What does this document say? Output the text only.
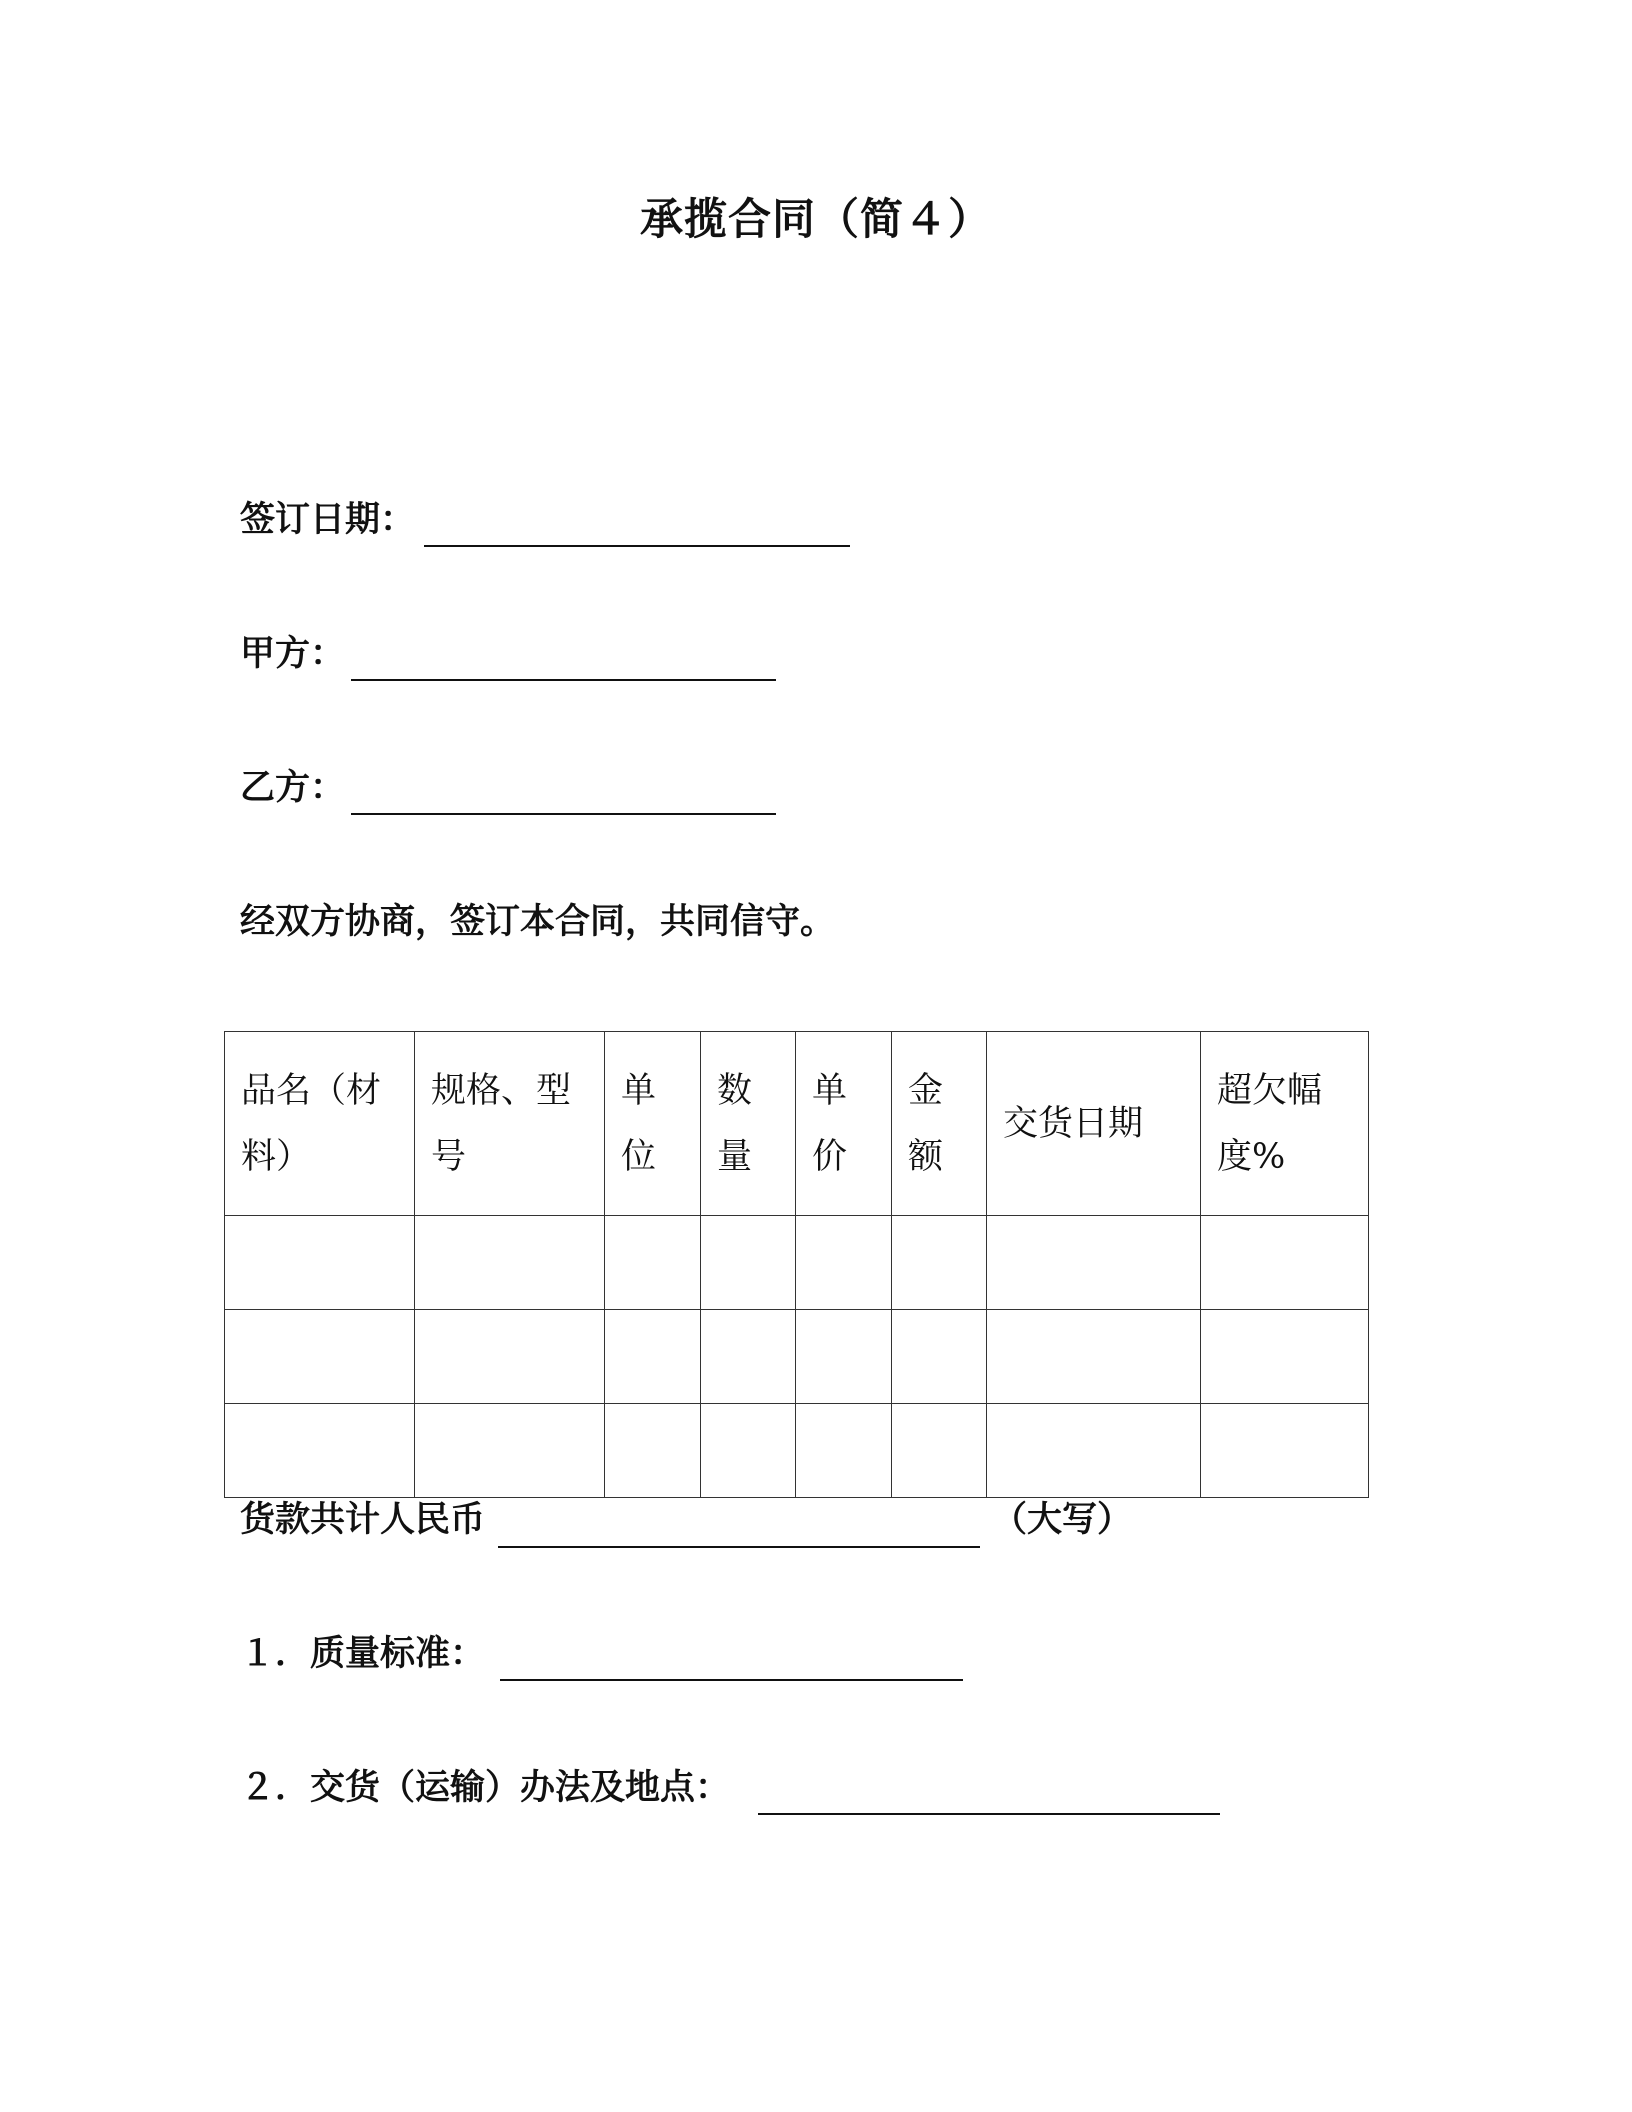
承揽合同（简４）
签订日期：
甲方：
乙方：
经双方协商，签订本合同，共同信守。
品名（材料）	规格、型号	单位	数量	单价	金额	交货日期	超欠幅度%

货款共计人民币	（大写）
１．质量标准：
２．交货（运输）办法及地点：
